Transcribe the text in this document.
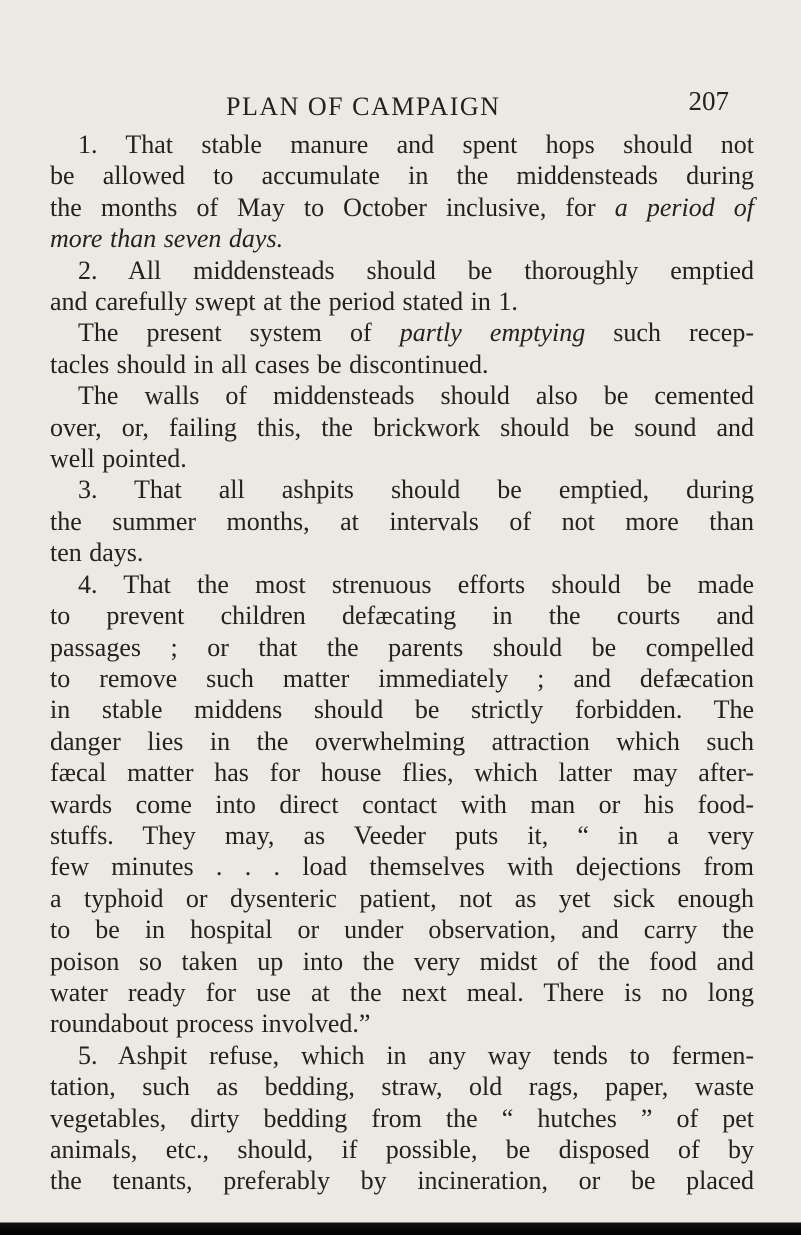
PLAN OF CAMPAIGN	207
1. That stable manure and spent hops should not
be allowed to accumulate in the middensteads during
the months of May to October inclusive, for a period of
more than seven days.
2. All middensteads should be thoroughly emptied
and carefully swept at the period stated in 1.
The present system of partly emptying such recep-
tacles should in all cases be discontinued.
The walls of middensteads should also be cemented
over, or, failing this, the brickwork should be sound and
well pointed.
3. That all ashpits should be emptied, during
the summer months, at intervals of not more than
ten days.
4. That the most strenuous efforts should be made
to prevent children defæcating in the courts and
passages ; or that the parents should be compelled
to remove such matter immediately ; and defæcation
in stable middens should be strictly forbidden. The
danger lies in the overwhelming attraction which such
fæcal matter has for house flies, which latter may after-
wards come into direct contact with man or his food-
stuffs. They may, as Veeder puts it, “ in a very
few minutes . . . load themselves with dejections from
a typhoid or dysenteric patient, not as yet sick enough
to be in hospital or under observation, and carry the
poison so taken up into the very midst of the food and
water ready for use at the next meal. There is no long
roundabout process involved.”
5. Ashpit refuse, which in any way tends to fermen-
tation, such as bedding, straw, old rags, paper, waste
vegetables, dirty bedding from the “ hutches ” of pet
animals, etc., should, if possible, be disposed of by
the tenants, preferably by incineration, or be placed
